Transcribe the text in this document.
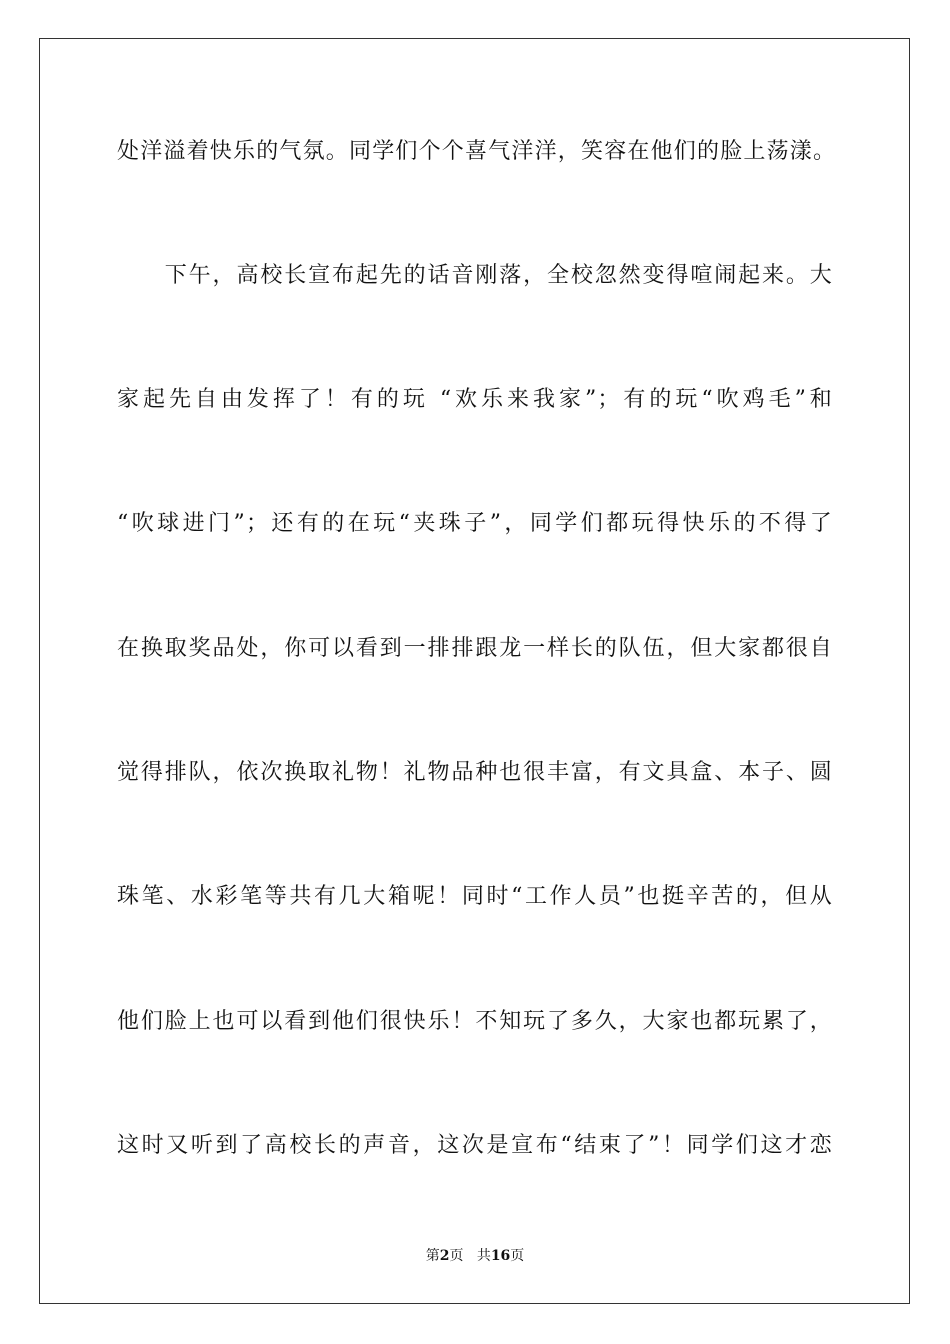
处洋溢着快乐的气氛。同学们个个喜气洋洋，笑容在他们的脸上荡漾。
　　下午，高校长宣布起先的话音刚落，全校忽然变得喧闹起来。大
家起先自由发挥了！有的玩 “欢乐来我家”；有的玩“吹鸡毛”和
“吹球进门”；还有的在玩“夹珠子”，同学们都玩得快乐的不得了
在换取奖品处，你可以看到一排排跟龙一样长的队伍，但大家都很自
觉得排队，依次换取礼物！礼物品种也很丰富，有文具盒、本子、圆
珠笔、水彩笔等共有几大箱呢！同时“工作人员”也挺辛苦的，但从
他们脸上也可以看到他们很快乐！不知玩了多久，大家也都玩累了，
这时又听到了高校长的声音，这次是宣布“结束了”！同学们这才恋
第2页 共16页
